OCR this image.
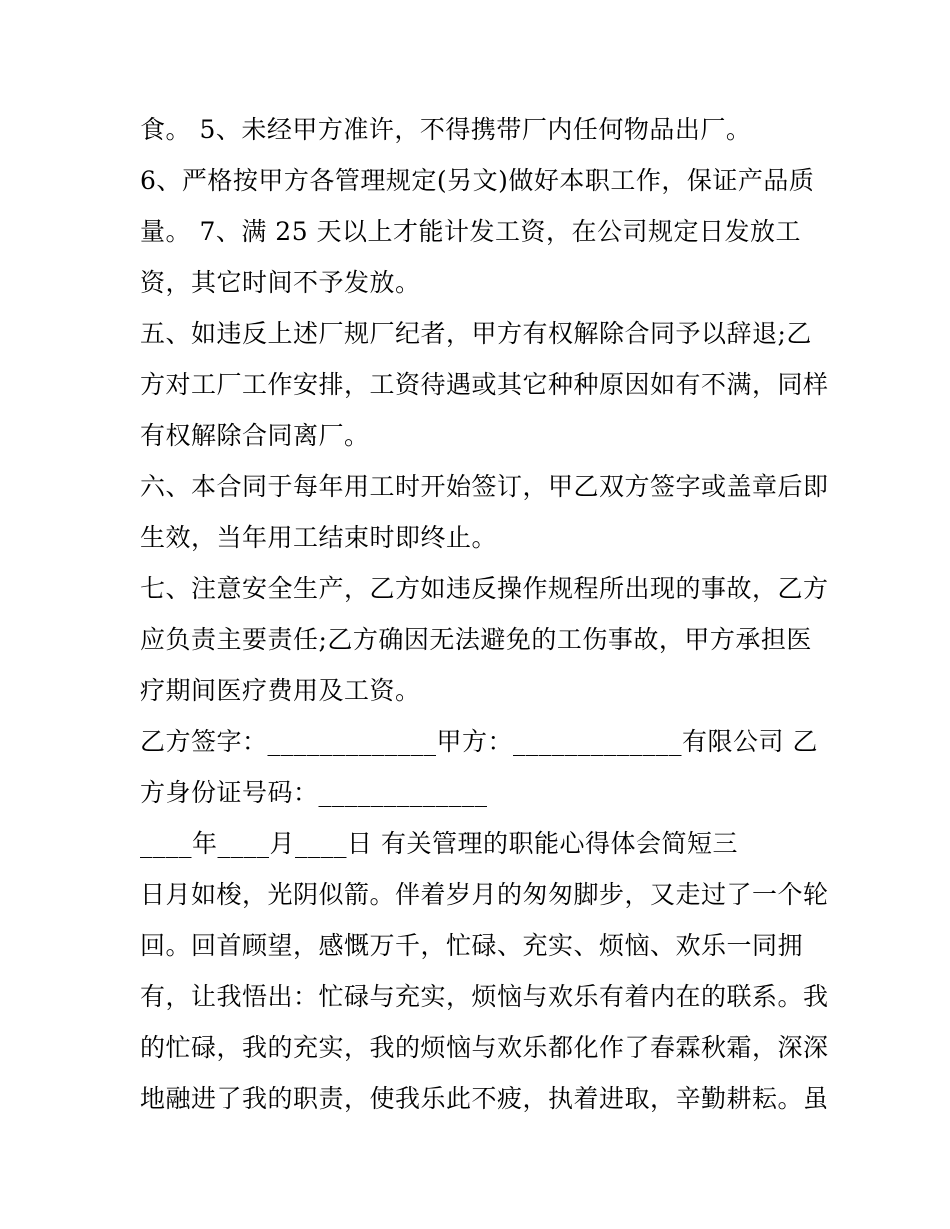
食。 5、未经甲方准许，不得携带厂内任何物品出厂。
6、严格按甲方各管理规定(另文)做好本职工作，保证产品质
量。 7、满 25 天以上才能计发工资，在公司规定日发放工
资，其它时间不予发放。
五、如违反上述厂规厂纪者，甲方有权解除合同予以辞退;乙
方对工厂工作安排，工资待遇或其它种种原因如有不满，同样
有权解除合同离厂。
六、本合同于每年用工时开始签订，甲乙双方签字或盖章后即
生效，当年用工结束时即终止。
七、注意安全生产，乙方如违反操作规程所出现的事故，乙方
应负责主要责任;乙方确因无法避免的工伤事故，甲方承担医
疗期间医疗费用及工资。
乙方签字：_____________甲方：_____________有限公司 乙
方身份证号码：_____________
____年____月____日 有关管理的职能心得体会简短三
日月如梭，光阴似箭。伴着岁月的匆匆脚步，又走过了一个轮
回。回首顾望，感慨万千，忙碌、充实、烦恼、欢乐一同拥
有，让我悟出：忙碌与充实，烦恼与欢乐有着内在的联系。我
的忙碌，我的充实，我的烦恼与欢乐都化作了春霖秋霜，深深
地融进了我的职责，使我乐此不疲，执着进取，辛勤耕耘。虽
